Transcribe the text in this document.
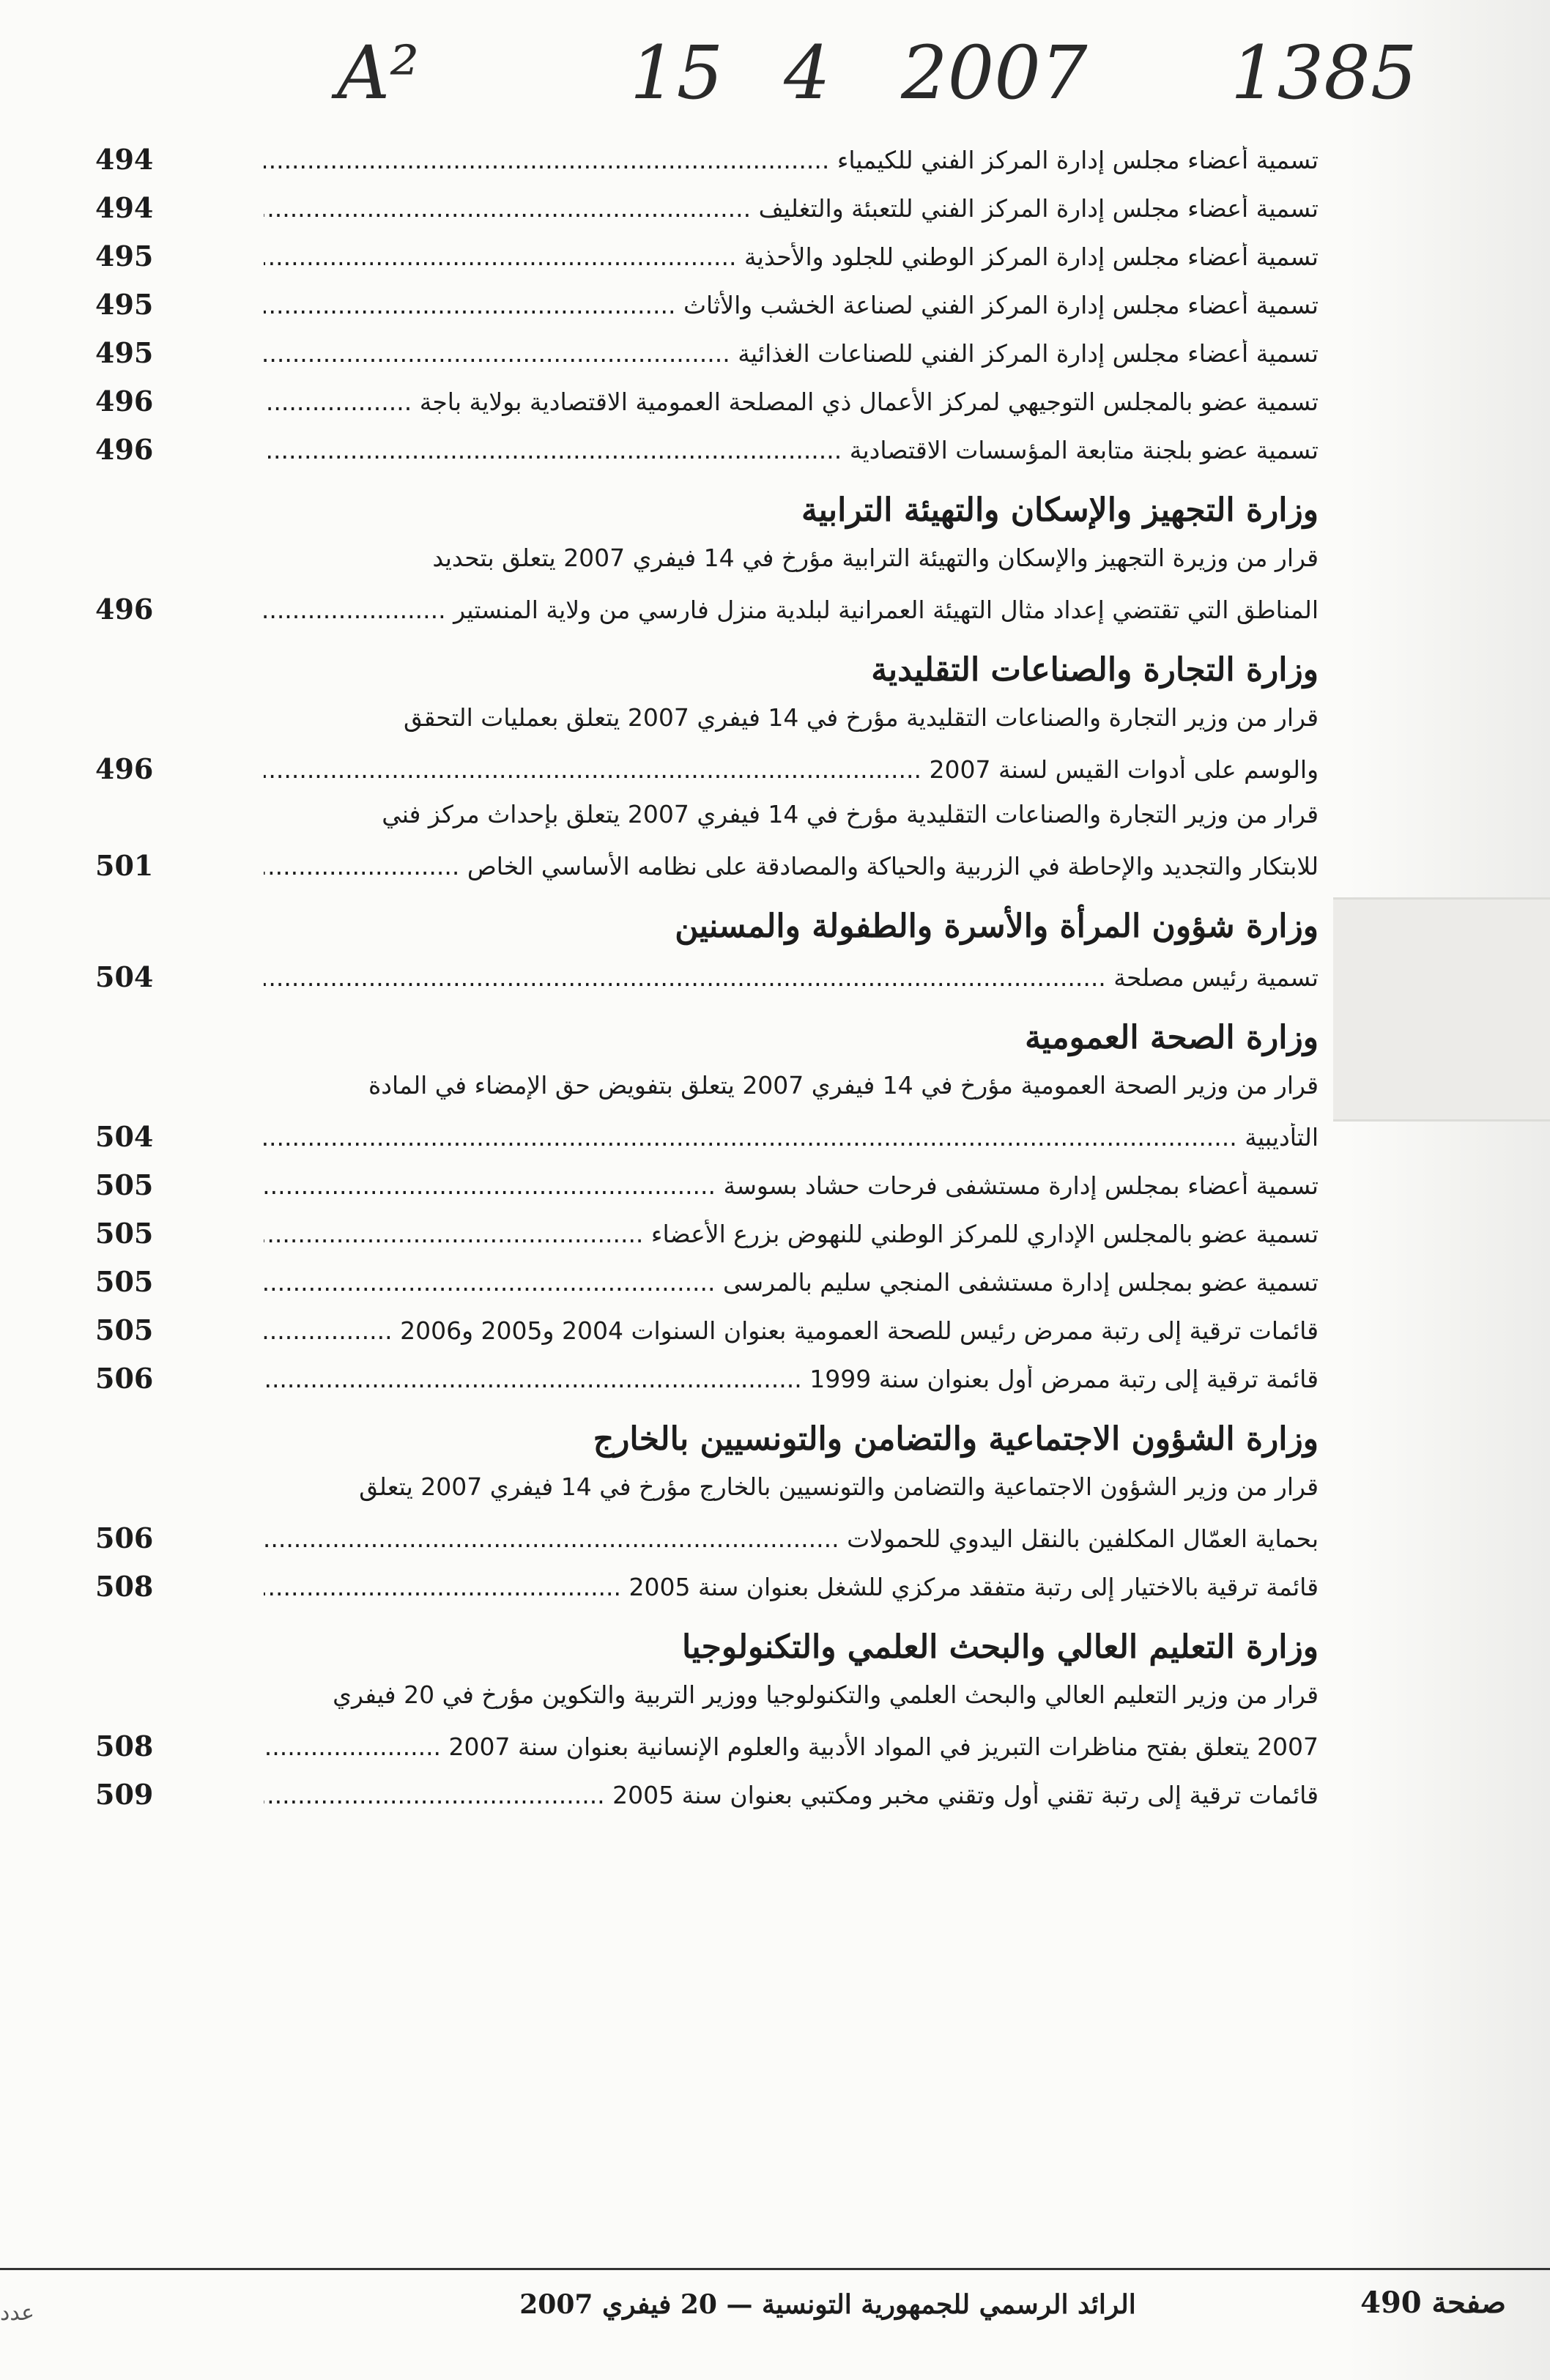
A²	15 4 2007 1385
494	تسمية أعضاء مجلس إدارة المركز الفني للكيمياء .....
494	تسمية أعضاء مجلس إدارة المركز الفني للتعبئة والتغليف .....
495	تسمية أعضاء مجلس إدارة المركز الوطني للجلود والأحذية .....
495	تسمية أعضاء مجلس إدارة المركز الفني لصناعة الخشب والأثاث .....
495	تسمية أعضاء مجلس إدارة المركز الفني للصناعات الغذائية .....
496	تسمية عضو بالمجلس التوجيهي لمركز الأعمال ذي المصلحة العمومية الاقتصادية بولاية باجة .....
496	تسمية عضو بلجنة متابعة المؤسسات الاقتصادية .....
وزارة التجهيز والإسكان والتهيئة الترابية
قرار من وزيرة التجهيز والإسكان والتهيئة الترابية مؤرخ في 14 فيفري 2007 يتعلق بتحديد
496	المناطق التي تقتضي إعداد مثال التهيئة العمرانية لبلدية منزل فارسي من ولاية المنستير .....
وزارة التجارة والصناعات التقليدية
قرار من وزير التجارة والصناعات التقليدية مؤرخ في 14 فيفري 2007 يتعلق بعمليات التحقق
496	والوسم على أدوات القيس لسنة 2007 .....
قرار من وزير التجارة والصناعات التقليدية مؤرخ في 14 فيفري 2007 يتعلق بإحداث مركز فني
501	للابتكار والتجديد والإحاطة في الزربية والحياكة والمصادقة على نظامه الأساسي الخاص .....
وزارة شؤون المرأة والأسرة والطفولة والمسنين
504	تسمية رئيس مصلحة .....
وزارة الصحة العمومية
قرار من وزير الصحة العمومية مؤرخ في 14 فيفري 2007 يتعلق بتفويض حق الإمضاء في المادة
504	التأديبية .....
505	تسمية أعضاء بمجلس إدارة مستشفى فرحات حشاد بسوسة .....
505	تسمية عضو بالمجلس الإداري للمركز الوطني للنهوض بزرع الأعضاء .....
505	تسمية عضو بمجلس إدارة مستشفى المنجي سليم بالمرسى .....
505	قائمات ترقية إلى رتبة ممرض رئيس للصحة العمومية بعنوان السنوات 2004 و2005 و2006 .....
506	قائمة ترقية إلى رتبة ممرض أول بعنوان سنة 1999 .....
وزارة الشؤون الاجتماعية والتضامن والتونسيين بالخارج
قرار من وزير الشؤون الاجتماعية والتضامن والتونسيين بالخارج مؤرخ في 14 فيفري 2007 يتعلق
506	بحماية العمّال المكلفين بالنقل اليدوي للحمولات .....
508	قائمة ترقية بالاختيار إلى رتبة متفقد مركزي للشغل بعنوان سنة 2005 .....
وزارة التعليم العالي والبحث العلمي والتكنولوجيا
قرار من وزير التعليم العالي والبحث العلمي والتكنولوجيا ووزير التربية والتكوين مؤرخ في 20 فيفري
508	2007 يتعلق بفتح مناظرات التبريز في المواد الأدبية والعلوم الإنسانية بعنوان سنة 2007 .....
509	قائمات ترقية إلى رتبة تقني أول وتقني مخبر ومكتبي بعنوان سنة 2005 .....
عدد	الرائد الرسمي للجمهورية التونسية — 20 فيفري 2007	صفحة 490
